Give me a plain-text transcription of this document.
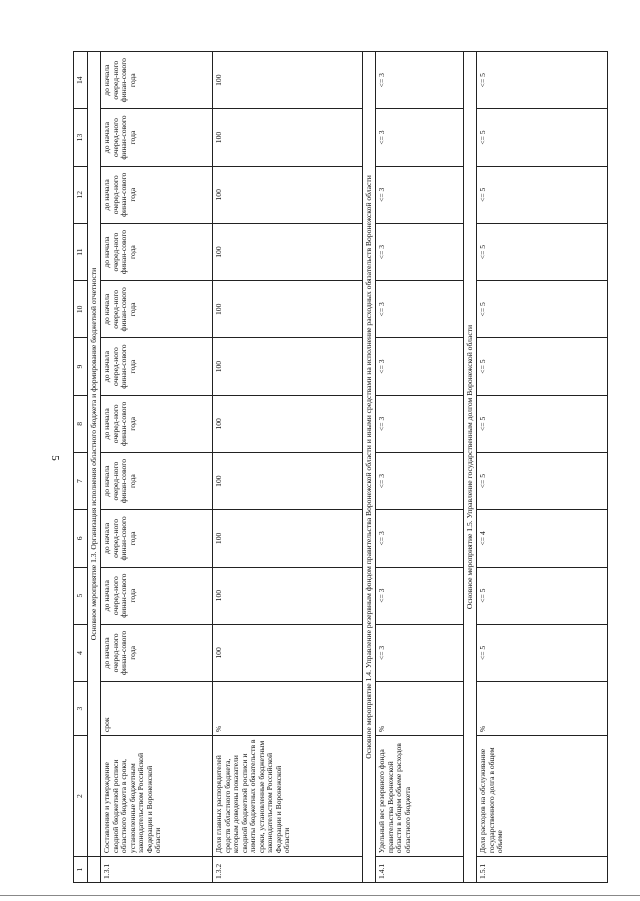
5
1	2	3	4	5	6	7	8	9	10	11	12	13	14
	Основное мероприятие 1.3. Организация исполнения областного бюджета и формирование бюджетной отчетности												
1.3.1	Составление и утверждение сводной бюджетной росписи областного бюджета в сроки, установленные бюджетным законодательством Российской Федерации и Воронежской области	срок	до начала очеред-ного финан-сового года	до начала очеред-ного финан-сового года	до начала очеред-ного финан-сового года	до начала очеред-ного финан-сового года	до начала очеред-ного финан-сового года	до начала очеред-ного финан-сового года	до начала очеред-ного финан-сового года	до начала очеред-ного финан-сового года	до начала очеред-ного финан-сового года	до начала очеред-ного финан-сового года	до начала очеред-ного финан-сового года
1.3.2	Доля главных распорядителей средств областного бюджета, которым доведены показатели сводной бюджетной росписи и лимиты бюджетных обязательств в сроки, установленные бюджетным законодательством Российской Федерации и Воронежской области	%	100	100	100	100	100	100	100	100	100	100	100
Основное мероприятие 1.4. Управление резервным фондом правительства Воронежской области и иными средствами на исполнение расходных обязательств Воронежской области													
1.4.1	Удельный вес резервного фонда правительства Воронежской области в общем объеме расходов областного бюджета	%	<= 3	<= 3	<= 3	<= 3	<= 3	<= 3	<= 3	<= 3	<= 3	<= 3	<= 3
Основное мероприятие 1.5. Управление государственным долгом Воронежской области													
1.5.1	Доля расходов на обслуживание государственного долга в общем объеме	%	<= 5	<= 5	<= 4	<= 5	<= 5	<= 5	<= 5	<= 5	<= 5	<= 5	<= 5
